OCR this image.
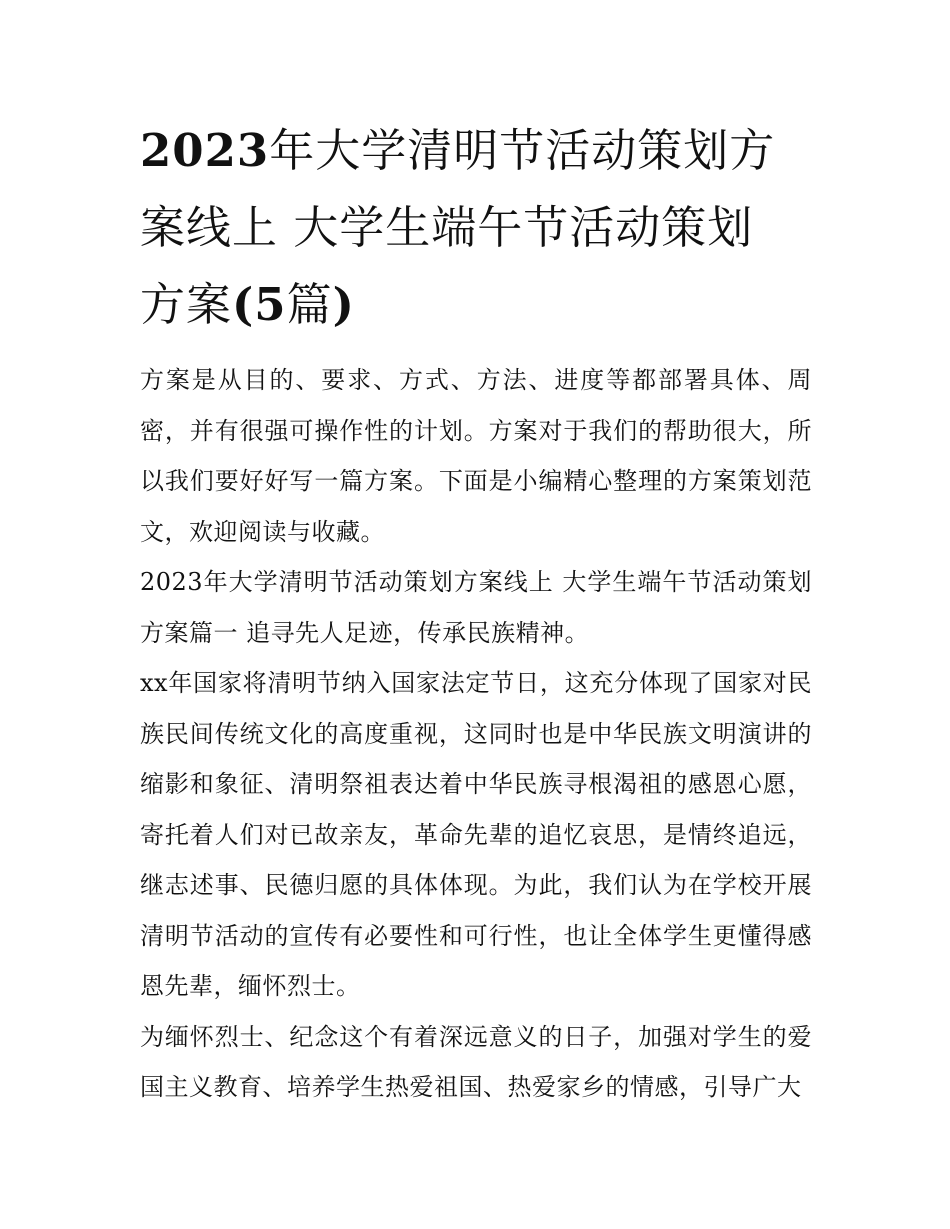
2023年大学清明节活动策划方
案线上 大学生端午节活动策划
方案(5篇)

方案是从目的、要求、方式、方法、进度等都部署具体、周密，并有很强可操作性的计划。方案对于我们的帮助很大，所以我们要好好写一篇方案。下面是小编精心整理的方案策划范文，欢迎阅读与收藏。

2023年大学清明节活动策划方案线上 大学生端午节活动策划方案篇一 追寻先人足迹，传承民族精神。

xx年国家将清明节纳入国家法定节日，这充分体现了国家对民族民间传统文化的高度重视，这同时也是中华民族文明演讲的缩影和象征、清明祭祖表达着中华民族寻根渴祖的感恩心愿，寄托着人们对已故亲友，革命先辈的追忆哀思，是情终追远，继志述事、民德归愿的具体体现。为此，我们认为在学校开展清明节活动的宣传有必要性和可行性，也让全体学生更懂得感恩先辈，缅怀烈士。

为缅怀烈士、纪念这个有着深远意义的日子，加强对学生的爱国主义教育、培养学生热爱祖国、热爱家乡的情感，引导广大
